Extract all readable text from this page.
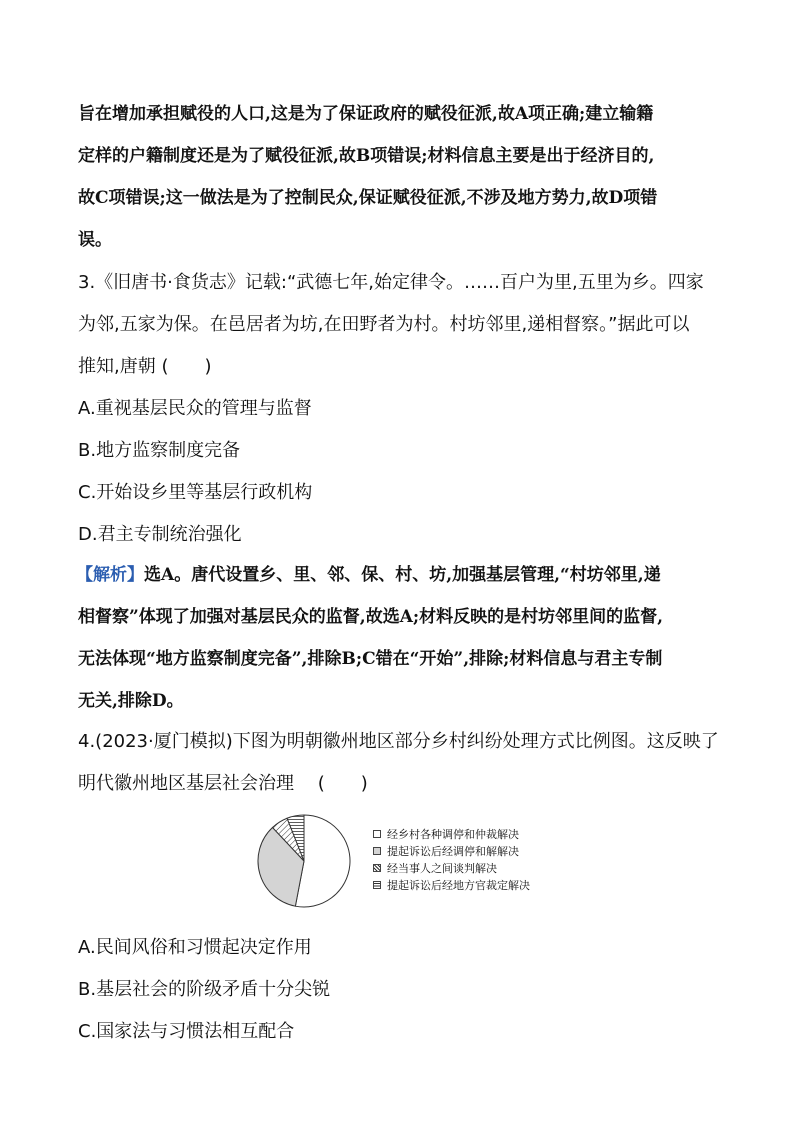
旨在增加承担赋役的人口,这是为了保证政府的赋役征派,故A项正确;建立输籍
定样的户籍制度还是为了赋役征派,故B项错误;材料信息主要是出于经济目的,
故C项错误;这一做法是为了控制民众,保证赋役征派,不涉及地方势力,故D项错
误。
3.《旧唐书·食货志》记载:“武德七年,始定律令。……百户为里,五里为乡。四家
为邻,五家为保。在邑居者为坊,在田野者为村。村坊邻里,递相督察。”据此可以
推知,唐朝 (　　)
A.重视基层民众的管理与监督
B.地方监察制度完备
C.开始设乡里等基层行政机构
D.君主专制统治强化
【解析】选A。唐代设置乡、里、邻、保、村、坊,加强基层管理,“村坊邻里,递
相督察”体现了加强对基层民众的监督,故选A;材料反映的是村坊邻里间的监督,
无法体现“地方监察制度完备”,排除B;C错在“开始”,排除;材料信息与君主专制
无关,排除D。
4.(2023·厦门模拟)下图为明朝徽州地区部分乡村纠纷处理方式比例图。这反映了
明代徽州地区基层社会治理　 (　　)
经乡村各种调停和仲裁解决
提起诉讼后经调停和解解决
经当事人之间谈判解决
提起诉讼后经地方官裁定解决
A.民间风俗和习惯起决定作用
B.基层社会的阶级矛盾十分尖锐
C.国家法与习惯法相互配合
